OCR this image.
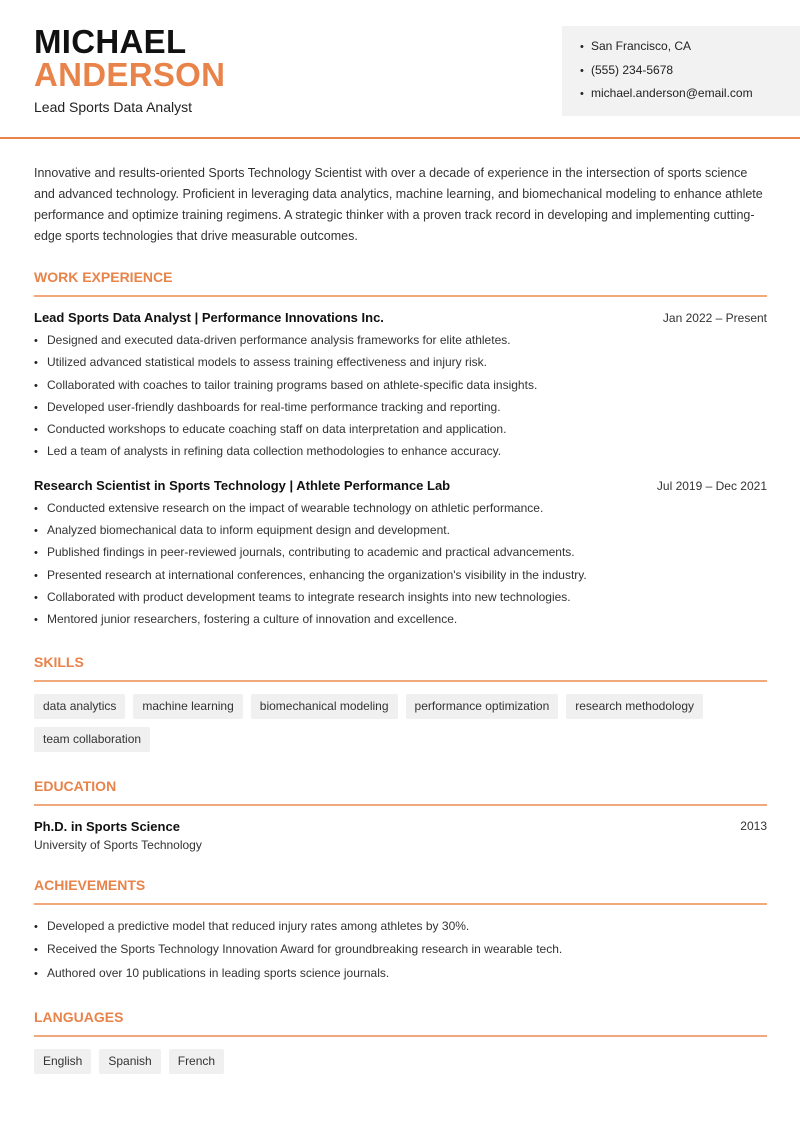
MICHAEL
ANDERSON
Lead Sports Data Analyst
• San Francisco, CA
• (555) 234-5678
• michael.anderson@email.com

Innovative and results-oriented Sports Technology Scientist with over a decade of experience in the intersection of sports science and advanced technology. Proficient in leveraging data analytics, machine learning, and biomechanical modeling to enhance athlete performance and optimize training regimens. A strategic thinker with a proven track record in developing and implementing cutting-edge sports technologies that drive measurable outcomes.

WORK EXPERIENCE
Lead Sports Data Analyst | Performance Innovations Inc.	Jan 2022 – Present
• Designed and executed data-driven performance analysis frameworks for elite athletes.
• Utilized advanced statistical models to assess training effectiveness and injury risk.
• Collaborated with coaches to tailor training programs based on athlete-specific data insights.
• Developed user-friendly dashboards for real-time performance tracking and reporting.
• Conducted workshops to educate coaching staff on data interpretation and application.
• Led a team of analysts in refining data collection methodologies to enhance accuracy.
Research Scientist in Sports Technology | Athlete Performance Lab	Jul 2019 – Dec 2021
• Conducted extensive research on the impact of wearable technology on athletic performance.
• Analyzed biomechanical data to inform equipment design and development.
• Published findings in peer-reviewed journals, contributing to academic and practical advancements.
• Presented research at international conferences, enhancing the organization's visibility in the industry.
• Collaborated with product development teams to integrate research insights into new technologies.
• Mentored junior researchers, fostering a culture of innovation and excellence.
SKILLS
data analytics	machine learning	biomechanical modeling	performance optimization	research methodology
team collaboration
EDUCATION
Ph.D. in Sports Science	2013
University of Sports Technology
ACHIEVEMENTS
• Developed a predictive model that reduced injury rates among athletes by 30%.
• Received the Sports Technology Innovation Award for groundbreaking research in wearable tech.
• Authored over 10 publications in leading sports science journals.
LANGUAGES
English	Spanish	French
